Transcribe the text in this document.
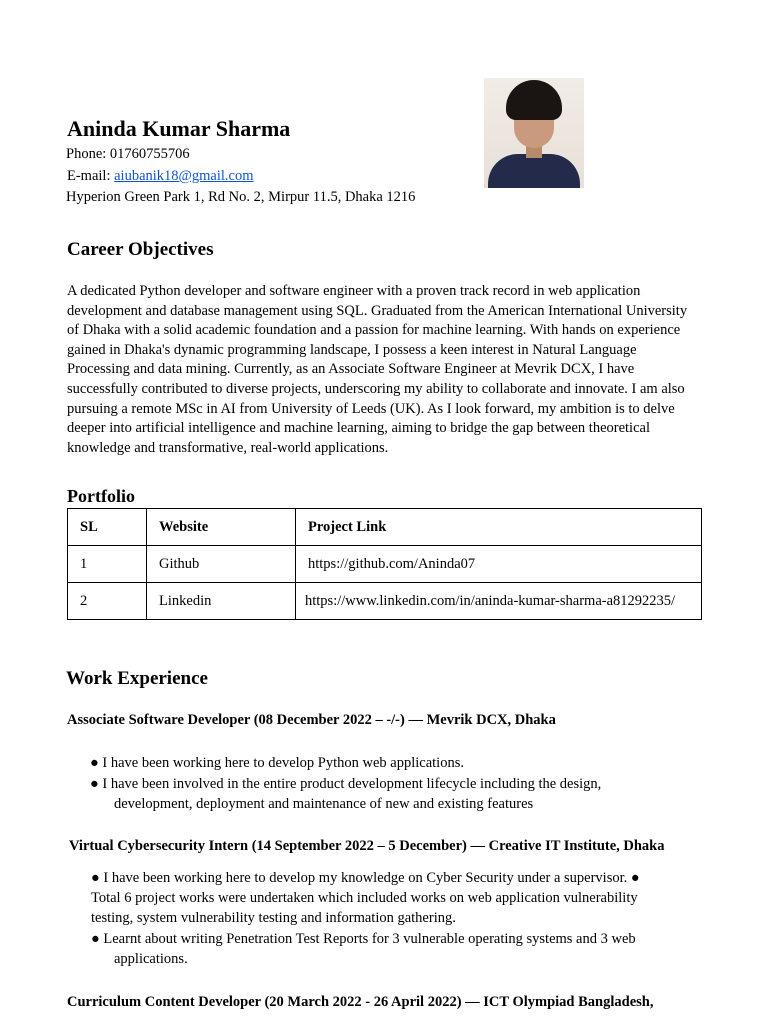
Aninda Kumar Sharma
Phone: 01760755706
E-mail: aiubanik18@gmail.com
Hyperion Green Park 1, Rd No. 2, Mirpur 11.5, Dhaka 1216
Career Objectives
A dedicated Python developer and software engineer with a proven track record in web application development and database management using SQL. Graduated from the American International University of Dhaka with a solid academic foundation and a passion for machine learning. With hands on experience gained in Dhaka's dynamic programming landscape, I possess a keen interest in Natural Language Processing and data mining. Currently, as an Associate Software Engineer at Mevrik DCX, I have successfully contributed to diverse projects, underscoring my ability to collaborate and innovate. I am also pursuing a remote MSc in AI from University of Leeds (UK). As I look forward, my ambition is to delve deeper into artificial intelligence and machine learning, aiming to bridge the gap between theoretical knowledge and transformative, real-world applications.
Portfolio
SL	Website	Project Link
1	Github	https://github.com/Aninda07
2	Linkedin	https://www.linkedin.com/in/aninda-kumar-sharma-a81292235/
Work Experience
Associate Software Developer (08 December 2022 – -/-) — Mevrik DCX, Dhaka
● I have been working here to develop Python web applications.
● I have been involved in the entire product development lifecycle including the design,
development, deployment and maintenance of new and existing features
Virtual Cybersecurity Intern (14 September 2022 – 5 December) — Creative IT Institute, Dhaka
● I have been working here to develop my knowledge on Cyber Security under a supervisor. ●
Total 6 project works were undertaken which included works on web application vulnerability
testing, system vulnerability testing and information gathering.
● Learnt about writing Penetration Test Reports for 3 vulnerable operating systems and 3 web
applications.
Curriculum Content Developer (20 March 2022 - 26 April 2022) — ICT Olympiad Bangladesh,
